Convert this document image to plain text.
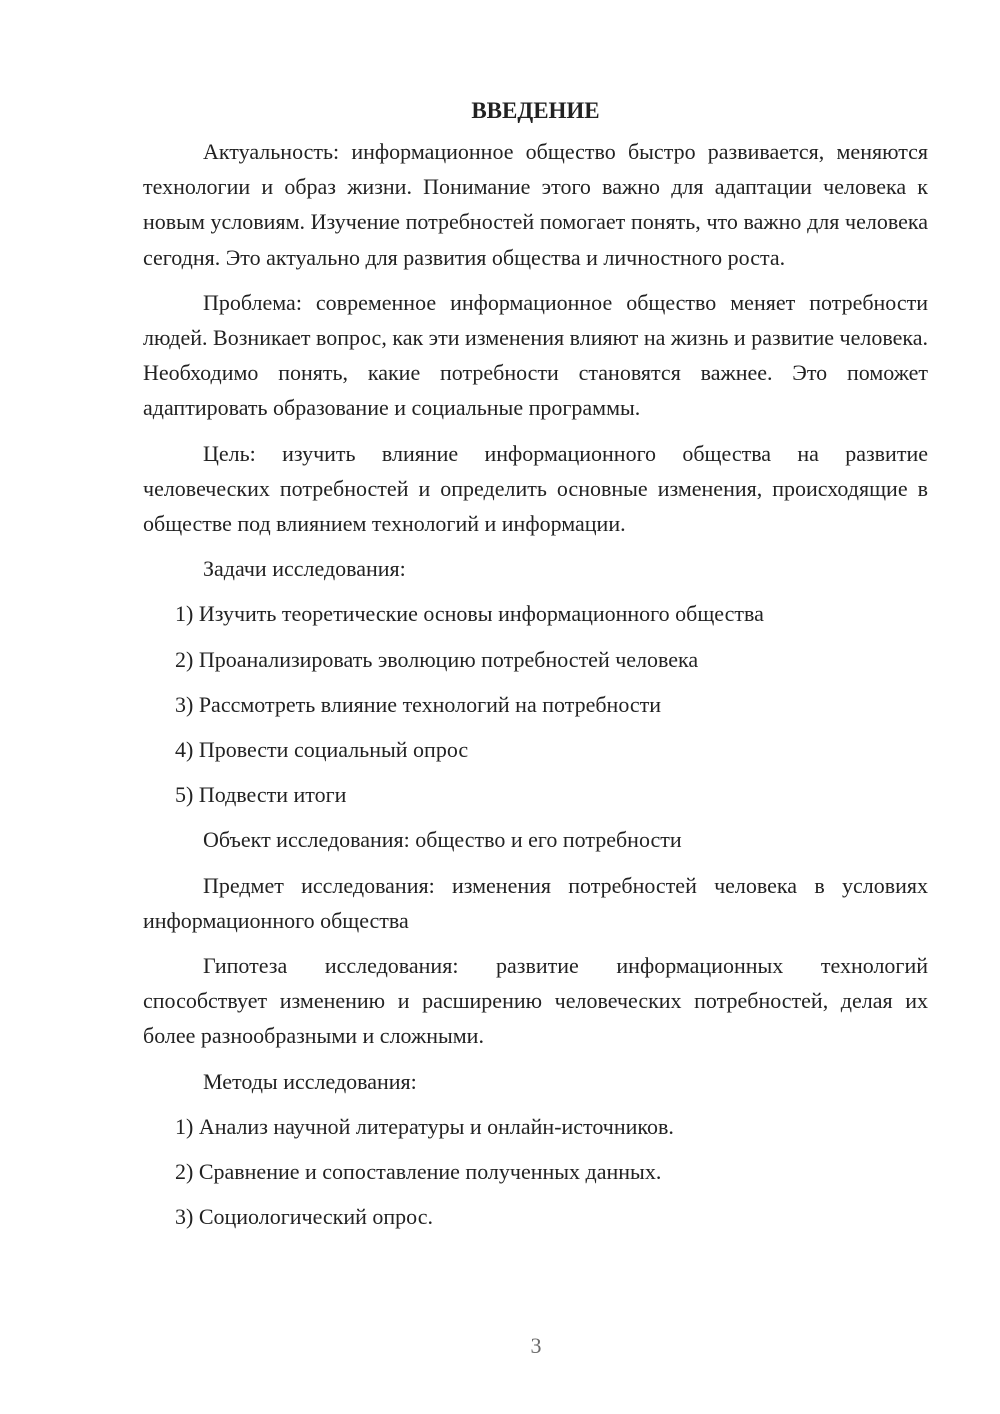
ВВЕДЕНИЕ

Актуальность: информационное общество быстро развивается, меняются технологии и образ жизни. Понимание этого важно для адаптации человека к новым условиям. Изучение потребностей помогает понять, что важно для человека сегодня. Это актуально для развития общества и личностного роста.

Проблема: современное информационное общество меняет потребности людей. Возникает вопрос, как эти изменения влияют на жизнь и развитие человека. Необходимо понять, какие потребности становятся важнее. Это поможет адаптировать образование и социальные программы.

Цель: изучить влияние информационного общества на развитие человеческих потребностей и определить основные изменения, происходящие в обществе под влиянием технологий и информации.

Задачи исследования:

1) Изучить теоретические основы информационного общества

2) Проанализировать эволюцию потребностей человека

3) Рассмотреть влияние технологий на потребности

4) Провести социальный опрос

5) Подвести итоги

Объект исследования: общество и его потребности

Предмет исследования: изменения потребностей человека в условиях информационного общества

Гипотеза исследования: развитие информационных технологий способствует изменению и расширению человеческих потребностей, делая их более разнообразными и сложными.

Методы исследования:

1) Анализ научной литературы и онлайн-источников.

2) Сравнение и сопоставление полученных данных.

3) Социологический опрос.

3
